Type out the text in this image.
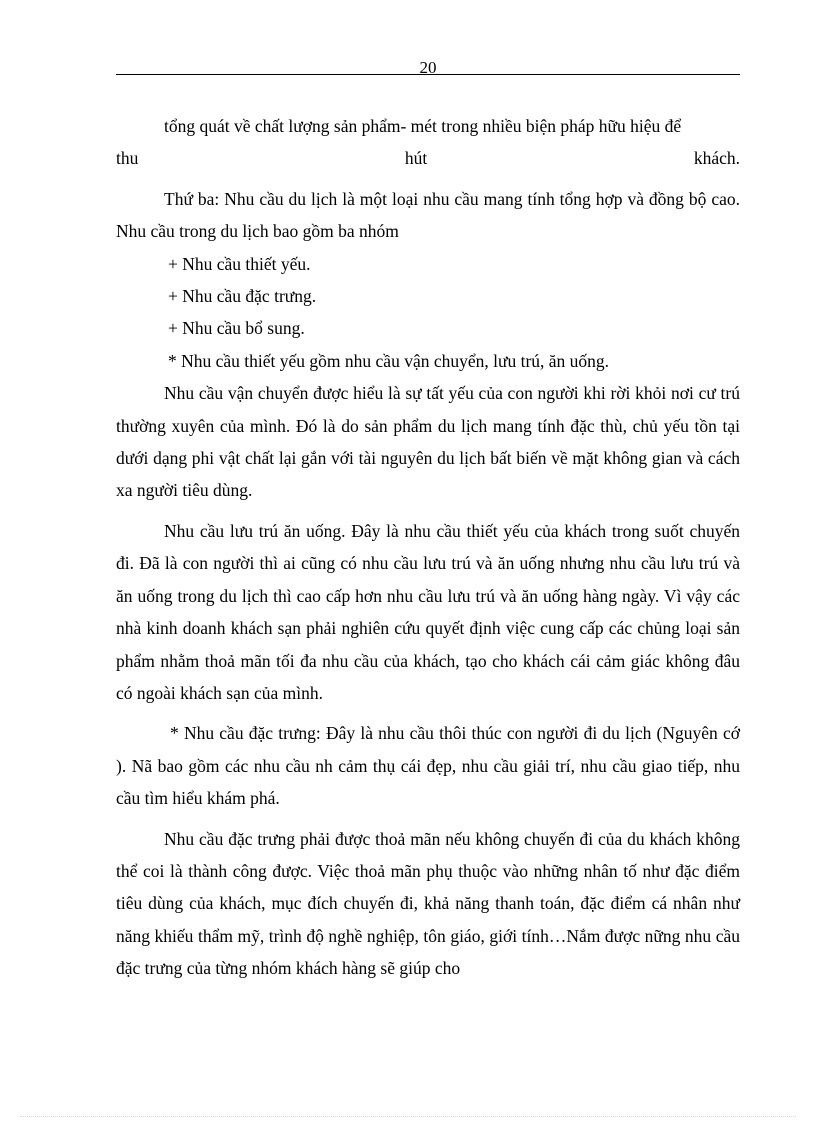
20

tổng quát về chất lượng sản phẩm- mét trong nhiều biện pháp hữu hiệu để

thu hút khách.

Thứ ba: Nhu cầu du lịch là một loại nhu cầu mang tính tổng hợp và đồng bộ cao. Nhu cầu trong du lịch bao gồm ba nhóm

+ Nhu cầu thiết yếu.

+ Nhu cầu đặc trưng.

+ Nhu cầu bổ sung.

* Nhu cầu thiết yếu gồm nhu cầu vận chuyển, lưu trú, ăn uống.

Nhu cầu vận chuyển được hiểu là sự tất yếu của con người khi rời khỏi nơi cư trú thường xuyên của mình. Đó là do sản phẩm du lịch mang tính đặc thù, chủ yếu tồn tại dưới dạng phi vật chất lại gắn với tài nguyên du lịch bất biến về mặt không gian và cách xa người tiêu dùng.

Nhu cầu lưu trú ăn uống. Đây là nhu cầu thiết yếu của khách trong suốt chuyến đi. Đã là con người thì ai cũng có nhu cầu lưu trú và ăn uống nhưng nhu cầu lưu trú và ăn uống trong du lịch thì cao cấp hơn nhu cầu lưu trú và ăn uống hàng ngày. Vì vậy các nhà kinh doanh khách sạn phải nghiên cứu quyết định việc cung cấp các chủng loại sản phẩm nhằm thoả mãn tối đa nhu cầu của khách, tạo cho khách cái cảm giác không đâu có ngoài khách sạn của mình.

* Nhu cầu đặc trưng: Đây là nhu cầu thôi thúc con người đi du lịch (Nguyên cớ ). Nã bao gồm các nhu cầu nh cảm thụ cái đẹp, nhu cầu giải trí, nhu cầu giao tiếp, nhu cầu tìm hiểu khám phá.

Nhu cầu đặc trưng phải được thoả mãn nếu không chuyến đi của du khách không thể coi là thành công được. Việc thoả mãn phụ thuộc vào những nhân tố như đặc điểm tiêu dùng của khách, mục đích chuyến đi, khả năng thanh toán, đặc điểm cá nhân như năng khiếu thẩm mỹ, trình độ nghề nghiệp, tôn giáo, giới tính…Nắm được nững nhu cầu đặc trưng của từng nhóm khách hàng sẽ giúp cho
